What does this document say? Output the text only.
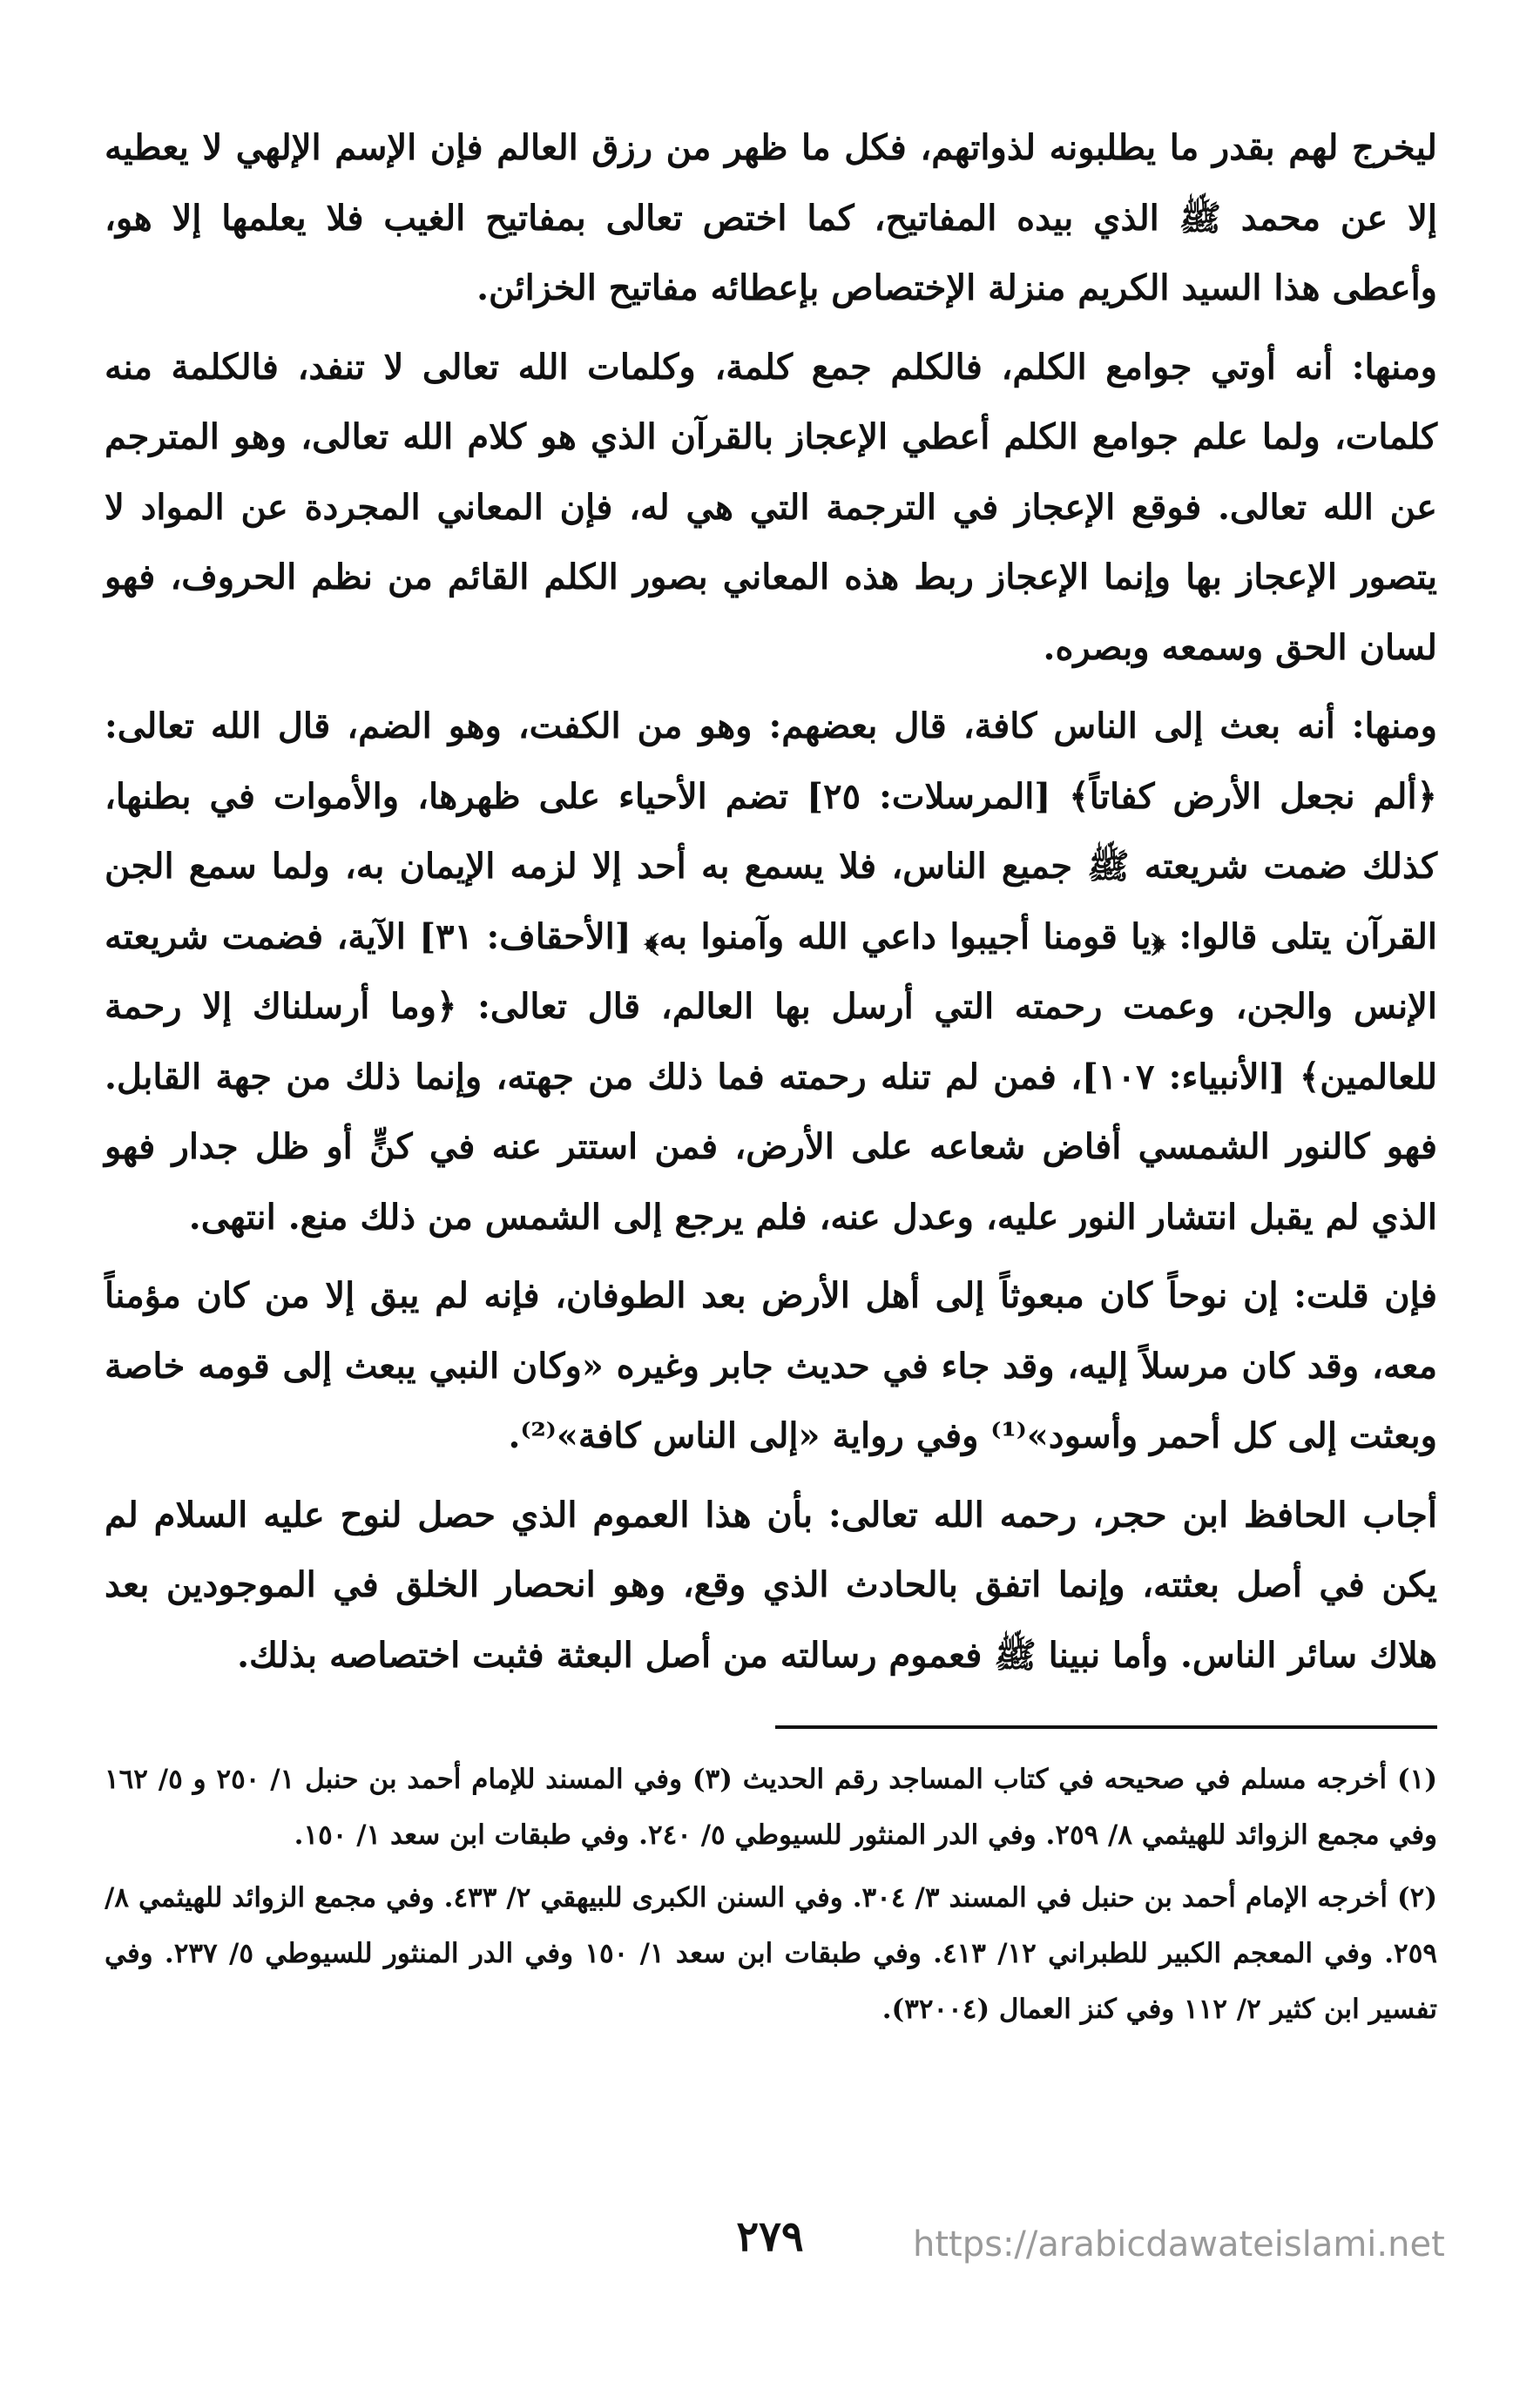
ليخرج لهم بقدر ما يطلبونه لذواتهم، فكل ما ظهر من رزق العالم فإن الإسم الإلهي لا يعطيه إلا عن محمد ﷺ الذي بيده المفاتيح، كما اختص تعالى بمفاتيح الغيب فلا يعلمها إلا هو، وأعطى هذا السيد الكريم منزلة الإختصاص بإعطائه مفاتيح الخزائن.

ومنها: أنه أوتي جوامع الكلم، فالكلم جمع كلمة، وكلمات الله تعالى لا تنفد، فالكلمة منه كلمات، ولما علم جوامع الكلم أعطي الإعجاز بالقرآن الذي هو كلام الله تعالى، وهو المترجم عن الله تعالى. فوقع الإعجاز في الترجمة التي هي له، فإن المعاني المجردة عن المواد لا يتصور الإعجاز بها وإنما الإعجاز ربط هذه المعاني بصور الكلم القائم من نظم الحروف، فهو لسان الحق وسمعه وبصره.

ومنها: أنه بعث إلى الناس كافة، قال بعضهم: وهو من الكفت، وهو الضم، قال الله تعالى: ﴿ألم نجعل الأرض كفاتاً﴾ [المرسلات: ٢٥] تضم الأحياء على ظهرها، والأموات في بطنها، كذلك ضمت شريعته ﷺ جميع الناس، فلا يسمع به أحد إلا لزمه الإيمان به، ولما سمع الجن القرآن يتلى قالوا: ﴿يا قومنا أجيبوا داعي الله وآمنوا به﴾ [الأحقاف: ٣١] الآية، فضمت شريعته الإنس والجن، وعمت رحمته التي أرسل بها العالم، قال تعالى: ﴿وما أرسلناك إلا رحمة للعالمين﴾ [الأنبياء: ١٠٧]، فمن لم تنله رحمته فما ذلك من جهته، وإنما ذلك من جهة القابل. فهو كالنور الشمسي أفاض شعاعه على الأرض، فمن استتر عنه في كنٍّ أو ظل جدار فهو الذي لم يقبل انتشار النور عليه، وعدل عنه، فلم يرجع إلى الشمس من ذلك منع. انتهى.

فإن قلت: إن نوحاً كان مبعوثاً إلى أهل الأرض بعد الطوفان، فإنه لم يبق إلا من كان مؤمناً معه، وقد كان مرسلاً إليه، وقد جاء في حديث جابر وغيره «وكان النبي يبعث إلى قومه خاصة وبعثت إلى كل أحمر وأسود»⁽¹⁾ وفي رواية «إلى الناس كافة»⁽²⁾.

أجاب الحافظ ابن حجر، رحمه الله تعالى: بأن هذا العموم الذي حصل لنوح عليه السلام لم يكن في أصل بعثته، وإنما اتفق بالحادث الذي وقع، وهو انحصار الخلق في الموجودين بعد هلاك سائر الناس. وأما نبينا ﷺ فعموم رسالته من أصل البعثة فثبت اختصاصه بذلك.

(١) أخرجه مسلم في صحيحه في كتاب المساجد رقم الحديث (٣) وفي المسند للإمام أحمد بن حنبل ١/ ٢٥٠ و ٥/ ١٦٢ وفي مجمع الزوائد للهيثمي ٨/ ٢٥٩. وفي الدر المنثور للسيوطي ٥/ ٢٤٠. وفي طبقات ابن سعد ١/ ١٥٠.

(٢) أخرجه الإمام أحمد بن حنبل في المسند ٣/ ٣٠٤. وفي السنن الكبرى للبيهقي ٢/ ٤٣٣. وفي مجمع الزوائد للهيثمي ٨/ ٢٥٩. وفي المعجم الكبير للطبراني ١٢/ ٤١٣. وفي طبقات ابن سعد ١/ ١٥٠ وفي الدر المنثور للسيوطي ٥/ ٢٣٧. وفي تفسير ابن كثير ٢/ ١١٢ وفي كنز العمال (٣٢٠٠٤).

٢٧٩	https://arabicdawateislami.net
